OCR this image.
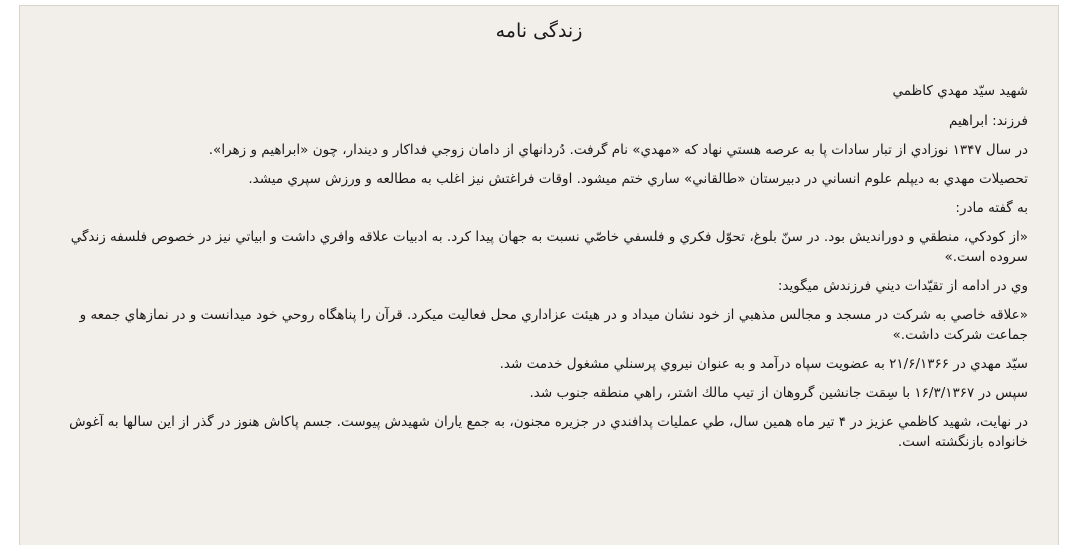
زندگی نامه

شهيد سيّد مهدي كاظمي

فرزند: ابراهيم

در سال ۱۳۴۷ نوزادي از تبار سادات پا به عرصه هستي نهاد كه «مهدي» نام گرفت. دُردانهاي از دامان زوجي فداكار و ديندار، چون «ابراهيم و زهرا».

تحصيلات مهدي به ديپلم علوم انساني در دبيرستان «طالقاني» ساري ختم ميشود. اوقات فراغتش نيز اغلب به مطالعه و ورزش سپري ميشد.

به گفته مادر:

«از كودكي، منطقي و دورانديش بود. در سنّ بلوغ، تحوّل فكري و فلسفي خاصّي نسبت به جهان پيدا كرد. به ادبيات علاقه وافري داشت و ابياتي نيز در خصوص فلسفه زندگي سروده است.»

وي در ادامه از تقيّدات ديني فرزندش ميگويد:

«علاقه خاصي به شركت در مسجد و مجالس مذهبي از خود نشان ميداد و در هيئت عزاداري محل فعاليت ميكرد. قرآن را پناهگاه روحي خود ميدانست و در نمازهاي جمعه و جماعت شركت داشت.»

سيّد مهدي در ۲۱/۶/۱۳۶۶ به عضويت سپاه درآمد و به عنوان نيروي پرسنلي مشغول خدمت شد.

سپس در ۱۶/۳/۱۳۶۷ با سِمَت جانشين گروهان از تيپ مالك اشتر، راهي منطقه جنوب شد.

در نهايت، شهيد كاظمي عزيز در ۴ تير ماه همين سال، طي عمليات پدافندي در جزيره مجنون، به جمع ياران شهيدش پيوست. جسم پاكاش هنوز در گذر از اين سالها به آغوش خانواده بازنگشته است.
